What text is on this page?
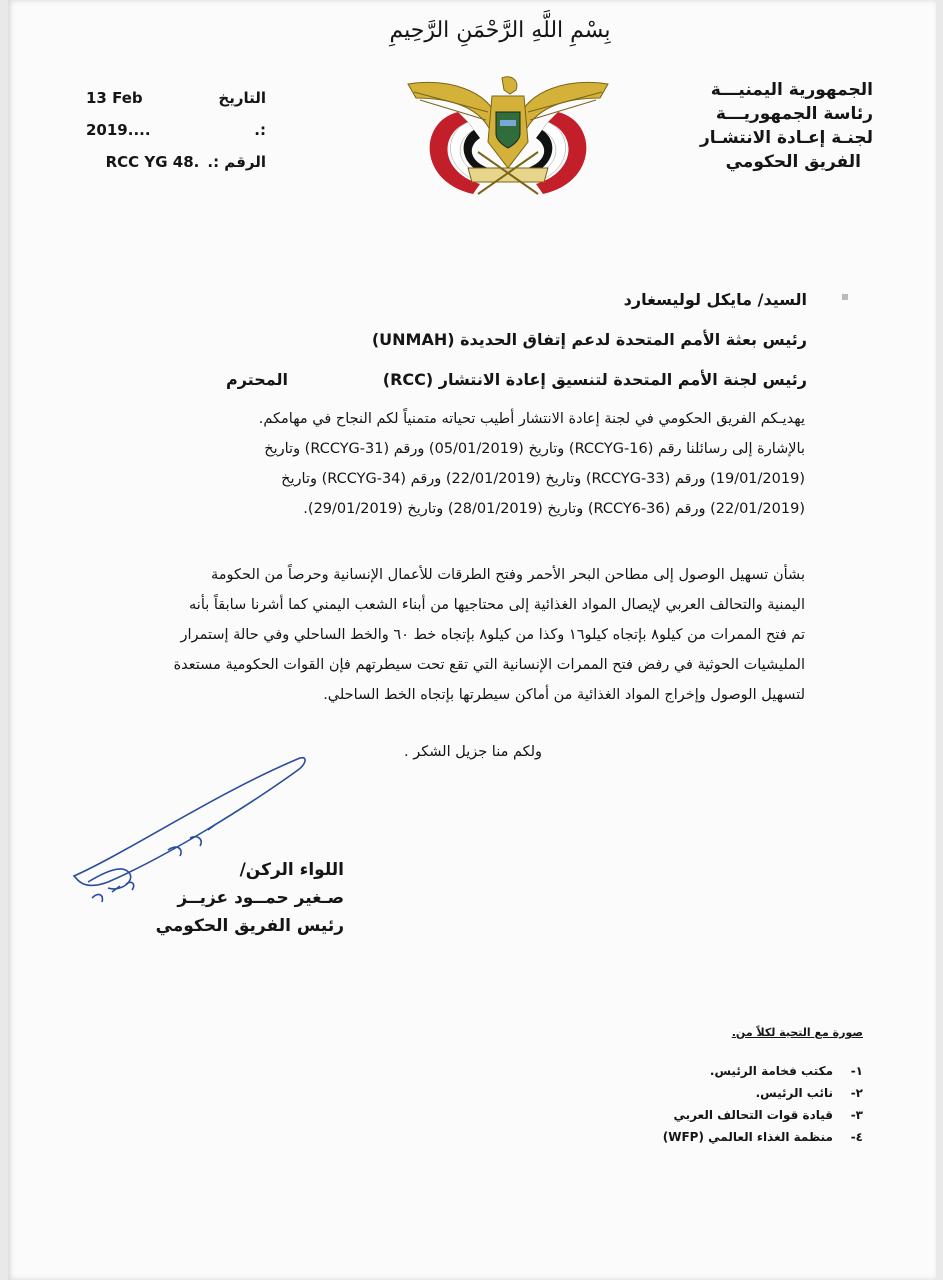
بِسْمِ اللَّهِ الرَّحْمَنِ الرَّحِيمِ
الجمهورية اليمنيـــة
رئاسة الجمهوريـــة
لجنـة إعـادة الانتشـار
الفريق الحكومي
التاريخ :.
13 Feb 2019....
الرقم :.
RCC YG 48.
السيد/ مايكل لوليسغارد
رئيس بعثة الأمم المتحدة لدعم إتفاق الحديدة (UNMAH)
رئيس لجنة الأمم المتحدة لتنسيق إعادة الانتشار (RCC)
المحترم
يهديـكم الفريق الحكومي في لجنة إعادة الانتشار أطيب تحياته متمنياً لكم النجاح في مهامكم.
بالإشارة إلى رسائلنا رقم (RCCYG-16) وتاريخ (05/01/2019) ورقم (RCCYG-31) وتاريخ
(19/01/2019) ورقم (RCCYG-33) وتاريخ (22/01/2019) ورقم (RCCYG-34) وتاريخ
(22/01/2019) ورقم (RCCY6-36) وتاريخ (28/01/2019) وتاريخ (29/01/2019).
بشأن تسهيل الوصول إلى مطاحن البحر الأحمر وفتح الطرقات للأعمال الإنسانية وحرصاً من الحكومة
اليمنية والتحالف العربي لإيصال المواد الغذائية إلى محتاجيها من أبناء الشعب اليمني كما أشرنا سابقاً بأنه
تم فتح الممرات من كيلو٨ بإتجاه كيلو١٦ وكذا من كيلو٨ بإتجاه خط ٦٠ والخط الساحلي وفي حالة إستمرار
المليشيات الحوثية في رفض فتح الممرات الإنسانية التي تقع تحت سيطرتهم فإن القوات الحكومية مستعدة
لتسهيل الوصول وإخراج المواد الغذائية من أماكن سيطرتها بإتجاه الخط الساحلي.
ولكم منا جزيل الشكر .
اللواء الركن/
صـغير حمــود عزيــز
رئيس الفريق الحكومي
صورة مع التحية لكلاً من.
١-
مكتب فخامة الرئيس.
٢-
نائب الرئيس.
٣-
قيادة قوات التحالف العربي
٤-
منظمة الغذاء العالمي (WFP)
